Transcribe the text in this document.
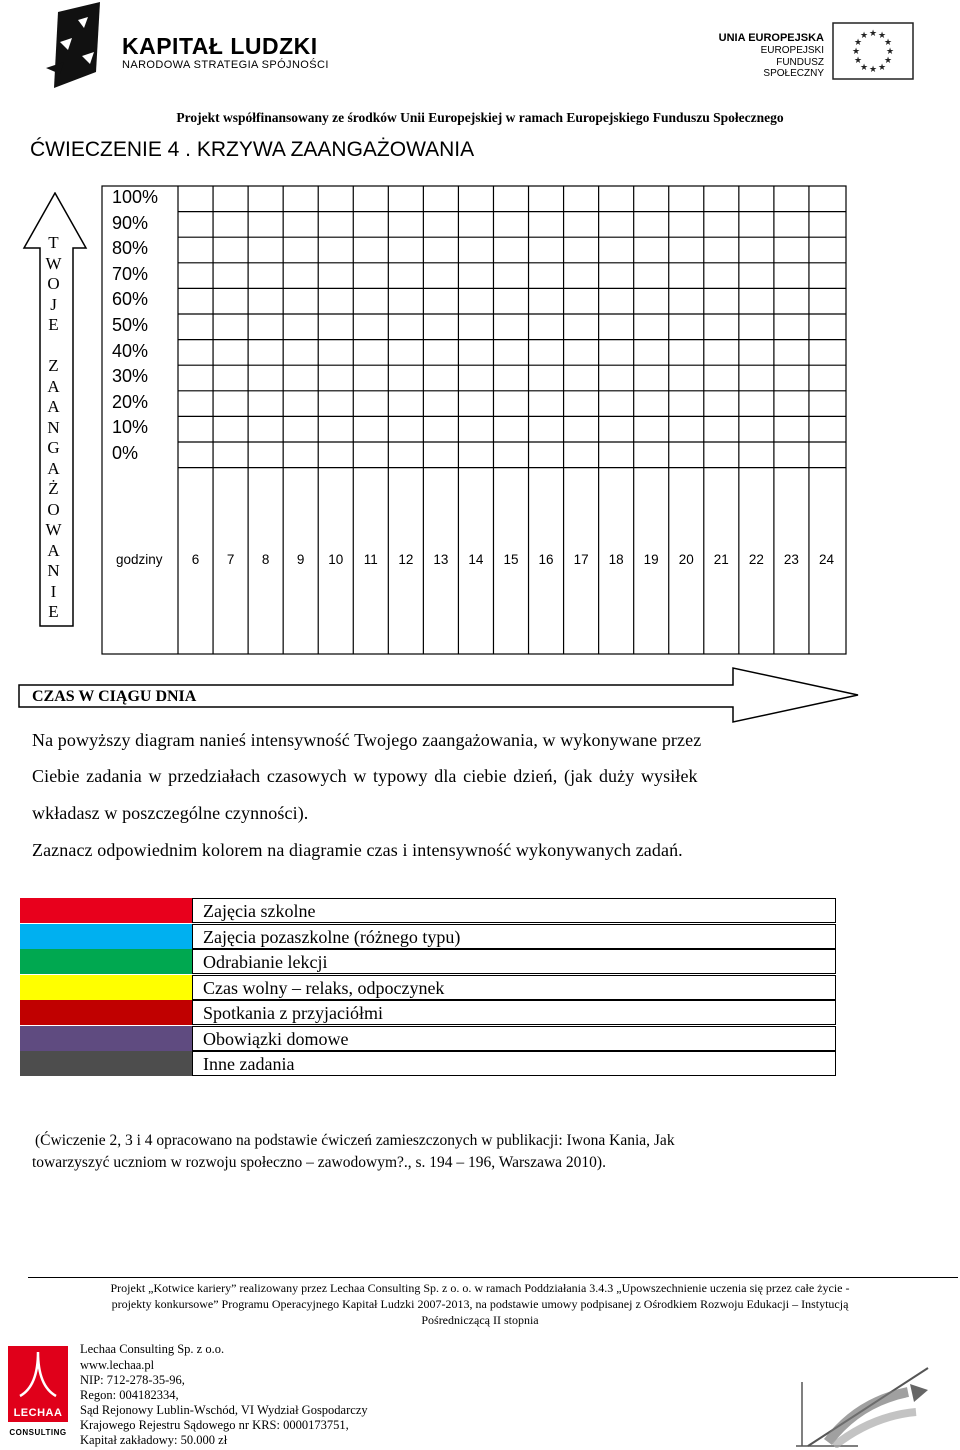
KAPITAŁ LUDZKI
NARODOWA STRATEGIA SPÓJNOŚCI
UNIA EUROPEJSKA
EUROPEJSKI
FUNDUSZ SPOŁECZNY
★ ★
★
★
★
★
★
★
★
★
★
★
Projekt współfinansowany ze środków Unii Europejskiej w ramach Europejskiego Funduszu Społecznego
ĆWIECZENIE 4 . KRZYWA ZAANGAŻOWANIA
T
W
O
J
E
Z
A
A
N
G
A
Ż
O
W
A
N
I
E
100%
90%
80%
70%
60%
50%
40%
30%
20%
10%
0%
godziny	6	7	8	9	10	11	12	13	14	15	16	17	18	19	20	21	22	23	24
CZAS W CIĄGU DNIA
Na powyższy diagram nanieś intensywność Twojego zaangażowania, w wykonywane przez
Ciebie zadania w przedziałach czasowych w typowy dla ciebie dzień, (jak duży wysiłek
wkładasz w poszczególne czynności).
Zaznacz odpowiednim kolorem na diagramie czas i intensywność wykonywanych zadań.
Zajęcia szkolne
Zajęcia pozaszkolne (różnego typu)
Odrabianie lekcji
Czas wolny – relaks, odpoczynek
Spotkania z przyjaciółmi
Obowiązki domowe
Inne zadania
(Ćwiczenie 2, 3 i 4 opracowano na podstawie ćwiczeń zamieszczonych w publikacji: Iwona Kania, Jak
towarzyszyć uczniom w rozwoju społeczno – zawodowym?., s. 194 – 196, Warszawa 2010).
Projekt „Kotwice kariery” realizowany przez Lechaa Consulting Sp. z o. o. w ramach Poddziałania 3.4.3 „Upowszechnienie uczenia się przez całe życie -
projekty konkursowe” Programu Operacyjnego Kapitał Ludzki 2007-2013, na podstawie umowy podpisanej z Ośrodkiem Rozwoju Edukacji – Instytucją
Pośredniczącą II stopnia
LECHAA
CONSULTING
Lechaa Consulting Sp. z o.o.
www.lechaa.pl
NIP: 712-278-35-96,
Regon: 004182334,
Sąd Rejonowy Lublin-Wschód, VI Wydział Gospodarczy
Krajowego Rejestru Sądowego nr KRS: 0000173751,
Kapitał zakładowy: 50.000 zł
